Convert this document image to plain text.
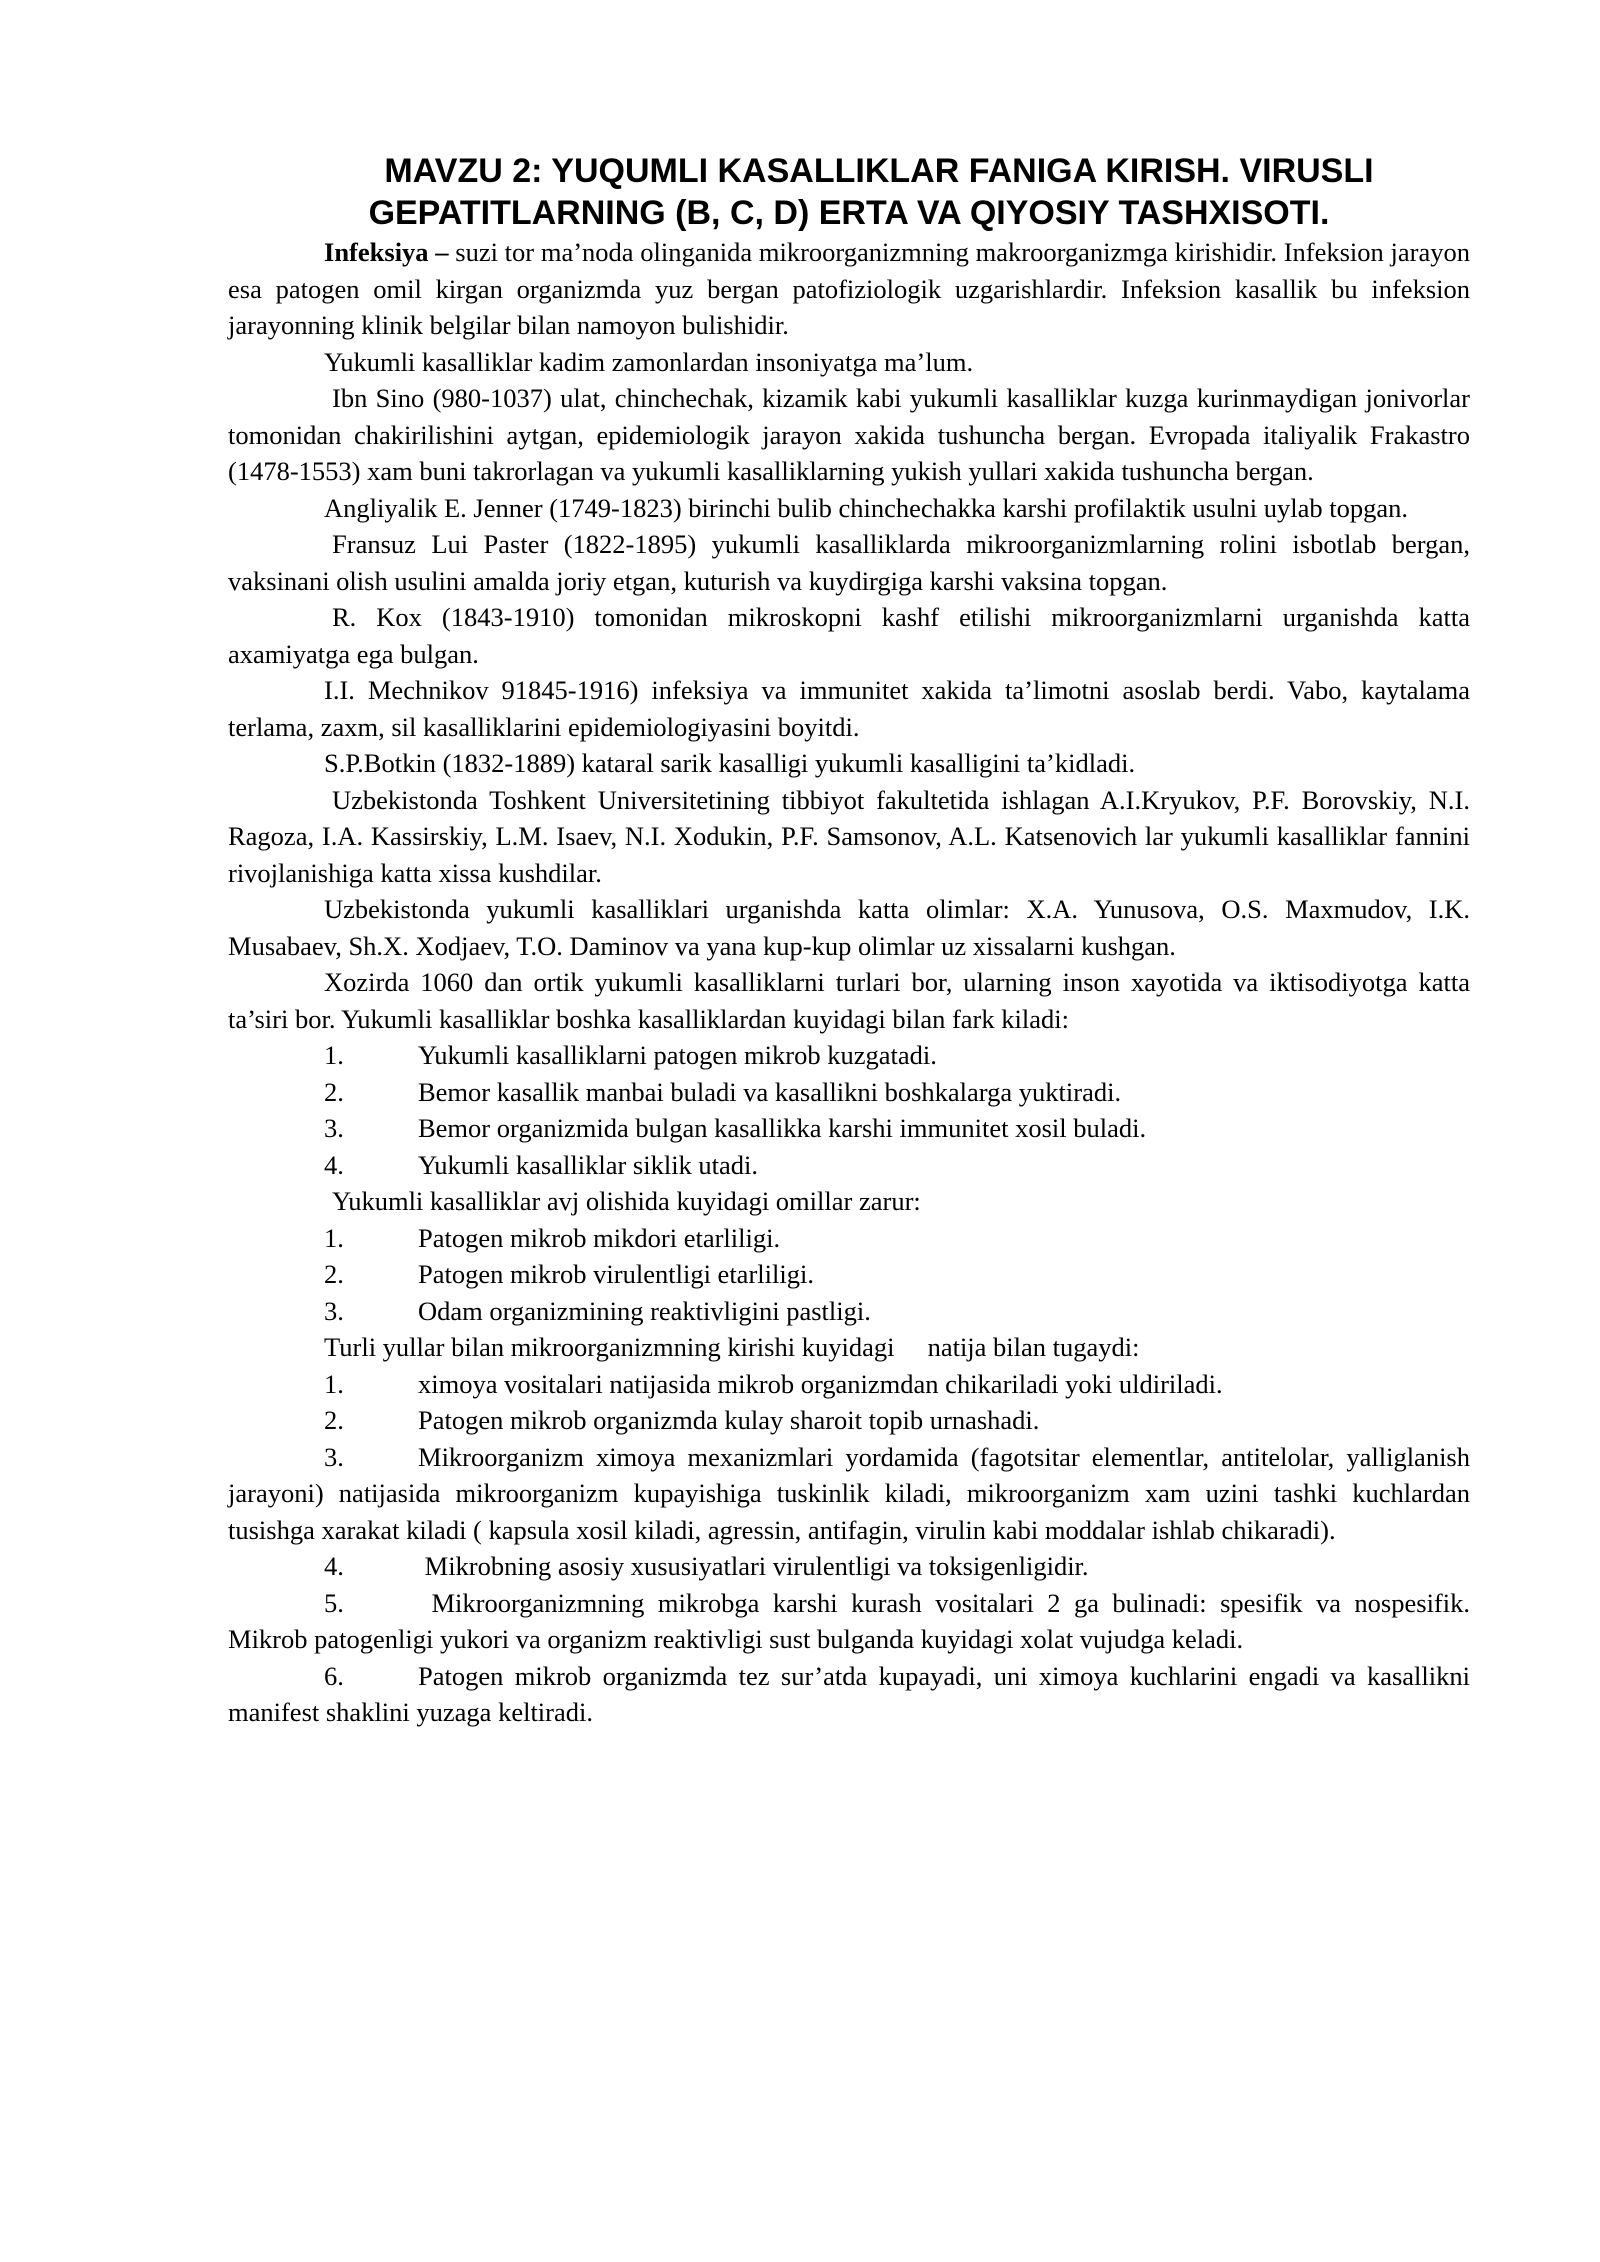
MAVZU 2: YUQUMLI KASALLIKLAR FANIGA KIRISH. VIRUSLI
GEPATITLARNING (B, C, D) ERTA VA QIYOSIY TASHXISOTI.

Infeksiya – suzi tor ma’noda olinganida mikroorganizmning makroorganizmga kirishidir. Infeksion jarayon esa patogen omil kirgan organizmda yuz bergan patofiziologik uzgarishlardir. Infeksion kasallik bu infeksion jarayonning klinik belgilar bilan namoyon bulishidir.

Yukumli kasalliklar kadim zamonlardan insoniyatga ma’lum.

Ibn Sino (980-1037) ulat, chinchechak, kizamik kabi yukumli kasalliklar kuzga kurinmaydigan jonivorlar tomonidan chakirilishini aytgan, epidemiologik jarayon xakida tushuncha bergan. Evropada italiyalik Frakastro (1478-1553) xam buni takrorlagan va yukumli kasalliklarning yukish yullari xakida tushuncha bergan.

Angliyalik E. Jenner (1749-1823) birinchi bulib chinchechakka karshi profilaktik usulni uylab topgan.

Fransuz Lui Paster (1822-1895) yukumli kasalliklarda mikroorganizmlarning rolini isbotlab bergan, vaksinani olish usulini amalda joriy etgan, kuturish va kuydirgiga karshi vaksina topgan.

R. Kox (1843-1910) tomonidan mikroskopni kashf etilishi mikroorganizmlarni urganishda katta axamiyatga ega bulgan.

I.I. Mechnikov 91845-1916) infeksiya va immunitet xakida ta’limotni asoslab berdi. Vabo, kaytalama terlama, zaxm, sil kasalliklarini epidemiologiyasini boyitdi.

S.P.Botkin (1832-1889) kataral sarik kasalligi yukumli kasalligini ta’kidladi.

Uzbekistonda Toshkent Universitetining tibbiyot fakultetida ishlagan A.I.Kryukov, P.F. Borovskiy, N.I. Ragoza, I.A. Kassirskiy, L.M. Isaev, N.I. Xodukin, P.F. Samsonov, A.L. Katsenovich lar yukumli kasalliklar fannini rivojlanishiga katta xissa kushdilar.

Uzbekistonda yukumli kasalliklari urganishda katta olimlar: X.A. Yunusova, O.S. Maxmudov, I.K. Musabaev, Sh.X. Xodjaev, T.O. Daminov va yana kup-kup olimlar uz xissalarni kushgan.

Xozirda 1060 dan ortik yukumli kasalliklarni turlari bor, ularning inson xayotida va iktisodiyotga katta ta’siri bor. Yukumli kasalliklar boshka kasalliklardan kuyidagi bilan fark kiladi:

1.	Yukumli kasalliklarni patogen mikrob kuzgatadi.
2.	Bemor kasallik manbai buladi va kasallikni boshkalarga yuktiradi.
3.	Bemor organizmida bulgan kasallikka karshi immunitet xosil buladi.
4.	Yukumli kasalliklar siklik utadi.

Yukumli kasalliklar avj olishida kuyidagi omillar zarur:

1.	Patogen mikrob mikdori etarliligi.
2.	Patogen mikrob virulentligi etarliligi.
3.	Odam organizmining reaktivligini pastligi.

Turli yullar bilan mikroorganizmning kirishi kuyidagi     natija bilan tugaydi:

1.	ximoya vositalari natijasida mikrob organizmdan chikariladi yoki uldiriladi.
2.	Patogen mikrob organizmda kulay sharoit topib urnashadi.
3.	Mikroorganizm ximoya mexanizmlari yordamida (fagotsitar elementlar, antitelolar, yalliglanish jarayoni) natijasida mikroorganizm kupayishiga tuskinlik kiladi, mikroorganizm xam uzini tashki kuchlardan tusishga xarakat kiladi ( kapsula xosil kiladi, agressin, antifagin, virulin kabi moddalar ishlab chikaradi).
4.	Mikrobning asosiy xususiyatlari virulentligi va toksigenligidir.
5.	Mikroorganizmning mikrobga karshi kurash vositalari 2 ga bulinadi: spesifik va nospesifik. Mikrob patogenligi yukori va organizm reaktivligi sust bulganda kuyidagi xolat vujudga keladi.
6.	Patogen mikrob organizmda tez sur’atda kupayadi, uni ximoya kuchlarini engadi va kasallikni manifest shaklini yuzaga keltiradi.
